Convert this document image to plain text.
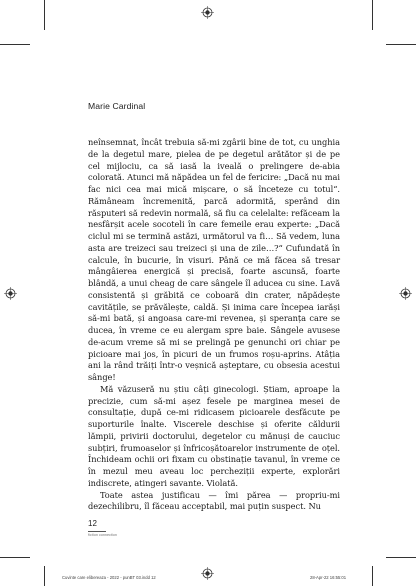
Marie Cardinal

neînsemnat, încât trebuia să-mi zgârii bine de tot, cu unghia de la degetul mare, pielea de pe degetul arătător și de pe cel mijlociu, ca să iasă la iveală o prelingere de-abia colorată. Atunci mă năpădea un fel de fericire: „Dacă nu mai fac nici cea mai mică mișcare, o să înceteze cu totul“. Rămâneam încremenită, parcă adormită, sperând din răsputeri să redevin normală, să fiu ca celelalte: refăceam la nesfârșit acele socoteli în care femeile erau experte: „Dacă ciclul mi se termină astăzi, următorul va fi… Să vedem, luna asta are treizeci sau treizeci și una de zile…?“ Cufundată în calcule, în bucurie, în visuri. Până ce mă făcea să tresar mângâierea energică și precisă, foarte ascunsă, foarte blândă, a unui cheag de care sângele îl aducea cu sine. Lavă consistentă și grăbită ce coboară din crater, năpădește cavitățile, se prăvălește, caldă. Și inima care începea iarăși să-mi bată, și angoasa care-mi revenea, și speranța care se ducea, în vreme ce eu alergam spre baie. Sângele avusese de-acum vreme să mi se prelingă pe genunchi ori chiar pe picioare mai jos, în picuri de un frumos roșu-aprins. Atâția ani la rând trăiți într-o veșnică așteptare, cu obsesia acestui sânge!

Mă văzuseră nu știu câți ginecologi. Știam, aproape la precizie, cum să-mi așez fesele pe marginea mesei de consultație, după ce-mi ridicasem picioarele desfăcute pe suporturile înalte. Viscerele deschise și oferite căldurii lămpii, privirii doctorului, degetelor cu mănuși de cauciuc subțiri, frumoaselor și înfricoșătoarelor instrumente de oțel. Închideam ochii ori fixam cu obstinație tavanul, în vreme ce în mezul meu aveau loc percheziții experte, explorări indiscrete, atingeri savante. Violată.

Toate astea justificau — îmi părea — propriu-mi dezechilibru, îl făceau acceptabil, mai puțin suspect. Nu

12
fiction connection
Cuvinte care elibereaza - 2022 - punBT 03.indd 12	28-Apr-22 16:55:01
